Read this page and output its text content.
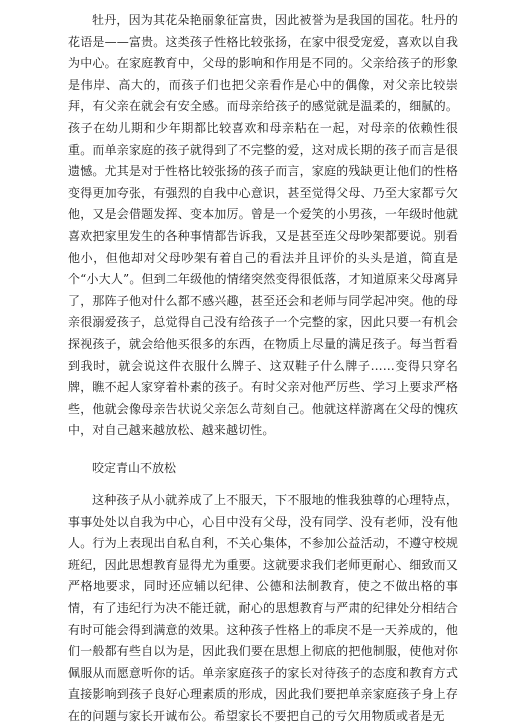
牡丹，因为其花朵艳丽象征富贵，因此被誉为是我国的国花。牡丹的花语是——富贵。这类孩子性格比较张扬，在家中很受宠爱，喜欢以自我为中心。在家庭教育中，父母的影响和作用是不同的。父亲给孩子的形象是伟岸、高大的，而孩子们也把父亲看作是心中的偶像，对父亲比较崇拜，有父亲在就会有安全感。而母亲给孩子的感觉就是温柔的，细腻的。孩子在幼儿期和少年期都比较喜欢和母亲粘在一起，对母亲的依赖性很重。而单亲家庭的孩子就得到了不完整的爱，这对成长期的孩子而言是很遗憾。尤其是对于性格比较张扬的孩子而言，家庭的残缺更让他们的性格变得更加夸张，有强烈的自我中心意识，甚至觉得父母、乃至大家都亏欠他，又是会借题发挥、变本加厉。曾是一个爱笑的小男孩，一年级时他就喜欢把家里发生的各种事情都告诉我，又是甚至连父母吵架都要说。别看他小，但他却对父母吵架有着自己的看法并且评价的头头是道，简直是个“小大人”。但到二年级他的情绪突然变得很低落，才知道原来父母离异了，那阵子他对什么都不感兴趣，甚至还会和老师与同学起冲突。他的母亲很溺爱孩子，总觉得自己没有给孩子一个完整的家，因此只要一有机会探视孩子，就会给他买很多的东西，在物质上尽量的满足孩子。每当哲看到我时，就会说这件衣服什么牌子、这双鞋子什么牌子……变得只穿名牌，瞧不起人家穿着朴素的孩子。有时父亲对他严厉些、学习上要求严格些，他就会像母亲告状说父亲怎么苛刻自己。他就这样游离在父母的愧疚中，对自己越来越放松、越来越切性。

咬定青山不放松

这种孩子从小就养成了上不服天，下不服地的惟我独尊的心理特点，事事处处以自我为中心，心目中没有父母，没有同学、没有老师，没有他人。行为上表现出自私自利，不关心集体，不参加公益活动，不遵守校规班纪，因此思想教育显得尤为重要。这就要求我们老师更耐心、细致而又严格地要求，同时还应辅以纪律、公德和法制教育，使之不做出格的事情，有了违纪行为决不能迁就，耐心的思想教育与严肃的纪律处分相结合有时可能会得到满意的效果。这种孩子性格上的乖戾不是一天养成的，他们一般都有些自以为是，因此我们要在思想上彻底的把他制服，使他对你佩服从而愿意听你的话。单亲家庭孩子的家长对待孩子的态度和教育方式直接影响到孩子良好心理素质的形成，因此我们要把单亲家庭孩子身上存在的问题与家长开诚布公。希望家长不要把自己的亏欠用物质或者是无
